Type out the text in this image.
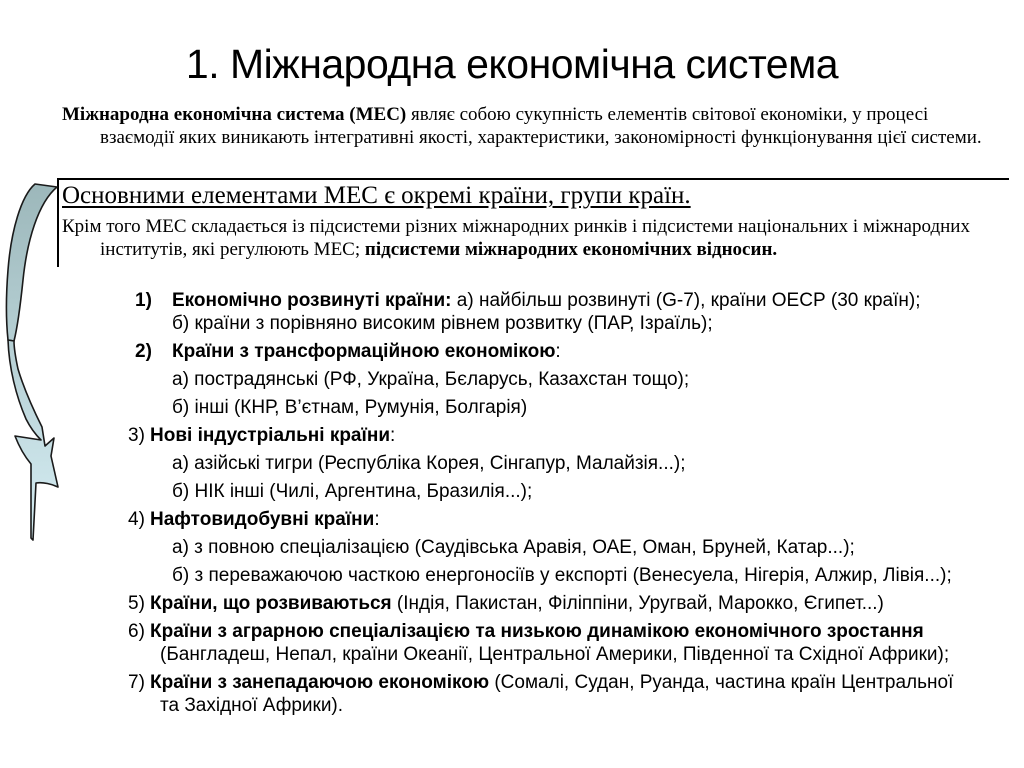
1. Міжнародна економічна система
Міжнародна економічна система (МЕС) являє собою сукупність елементів світової економіки, у процесі взаємодії яких виникають інтегративні якості, характеристики, закономірності функціонування цієї системи.
Основними елементами МЕС є окремі країни, групи країн.
Крім того МЕС складається із підсистеми різних міжнародних ринків і підсистеми національних і міжнародних інститутів, які регулюють МЕС; підсистеми міжнародних економічних відносин.
1) Економічно розвинуті країни: а) найбільш розвинуті (G-7), країни ОЕСР (30 країн);
б) країни з порівняно високим рівнем розвитку (ПАР, Ізраїль);
2) Країни з трансформаційною економікою:
а) пострадянські (РФ, Україна, Бєларусь, Казахстан тощо);
б) інші (КНР, В’єтнам, Румунія, Болгарія)
3) Нові індустріальні країни:
а) азійські тигри (Республіка Корея, Сінгапур, Малайзія...);
б) НІК інші (Чилі, Аргентина, Бразилія...);
4) Нафтовидобувні країни:
а) з повною спеціалізацією (Саудівська Аравія, ОАЕ, Оман, Бруней, Катар...);
б) з переважаючою часткою енергоносіїв у експорті (Венесуела, Нігерія, Алжир, Лівія...);
5) Країни, що розвиваються (Індія, Пакистан, Філіппіни, Уругвай, Марокко, Єгипет...)
6) Країни з аграрною спеціалізацією та низькою динамікою економічного зростання (Бангладеш, Непал, країни Океанії, Центральної Америки, Південної та Східної Африки);
7) Країни з занепадаючою економікою (Сомалі, Судан, Руанда, частина країн Центральної та Західної Африки).
